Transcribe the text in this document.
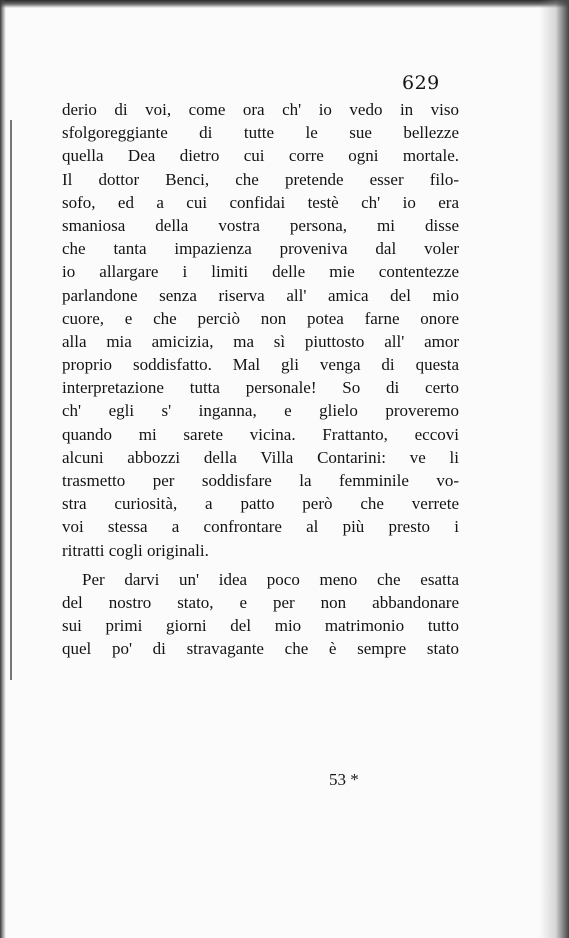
629
derio di voi, come ora ch' io vedo in viso
sfolgoreggiante di tutte le sue bellezze
quella Dea dietro cui corre ogni mortale.
Il dottor Benci, che pretende esser filo-
sofo, ed a cui confidai testè ch' io era
smaniosa della vostra persona, mi disse
che tanta impazienza proveniva dal voler
io allargare i limiti delle mie contentezze
parlandone senza riserva all' amica del mio
cuore, e che perciò non potea farne onore
alla mia amicizia, ma sì piuttosto all' amor
proprio soddisfatto. Mal gli venga di questa
interpretazione tutta personale! So di certo
ch' egli s' inganna, e glielo proveremo
quando mi sarete vicina. Frattanto, eccovi
alcuni abbozzi della Villa Contarini: ve li
trasmetto per soddisfare la femminile vo-
stra curiosità, a patto però che verrete
voi stessa a confrontare al più presto i
ritratti cogli originali.
Per darvi un' idea poco meno che esatta
del nostro stato, e per non abbandonare
sui primi giorni del mio matrimonio tutto
quel po' di stravagante che è sempre stato
53 *
